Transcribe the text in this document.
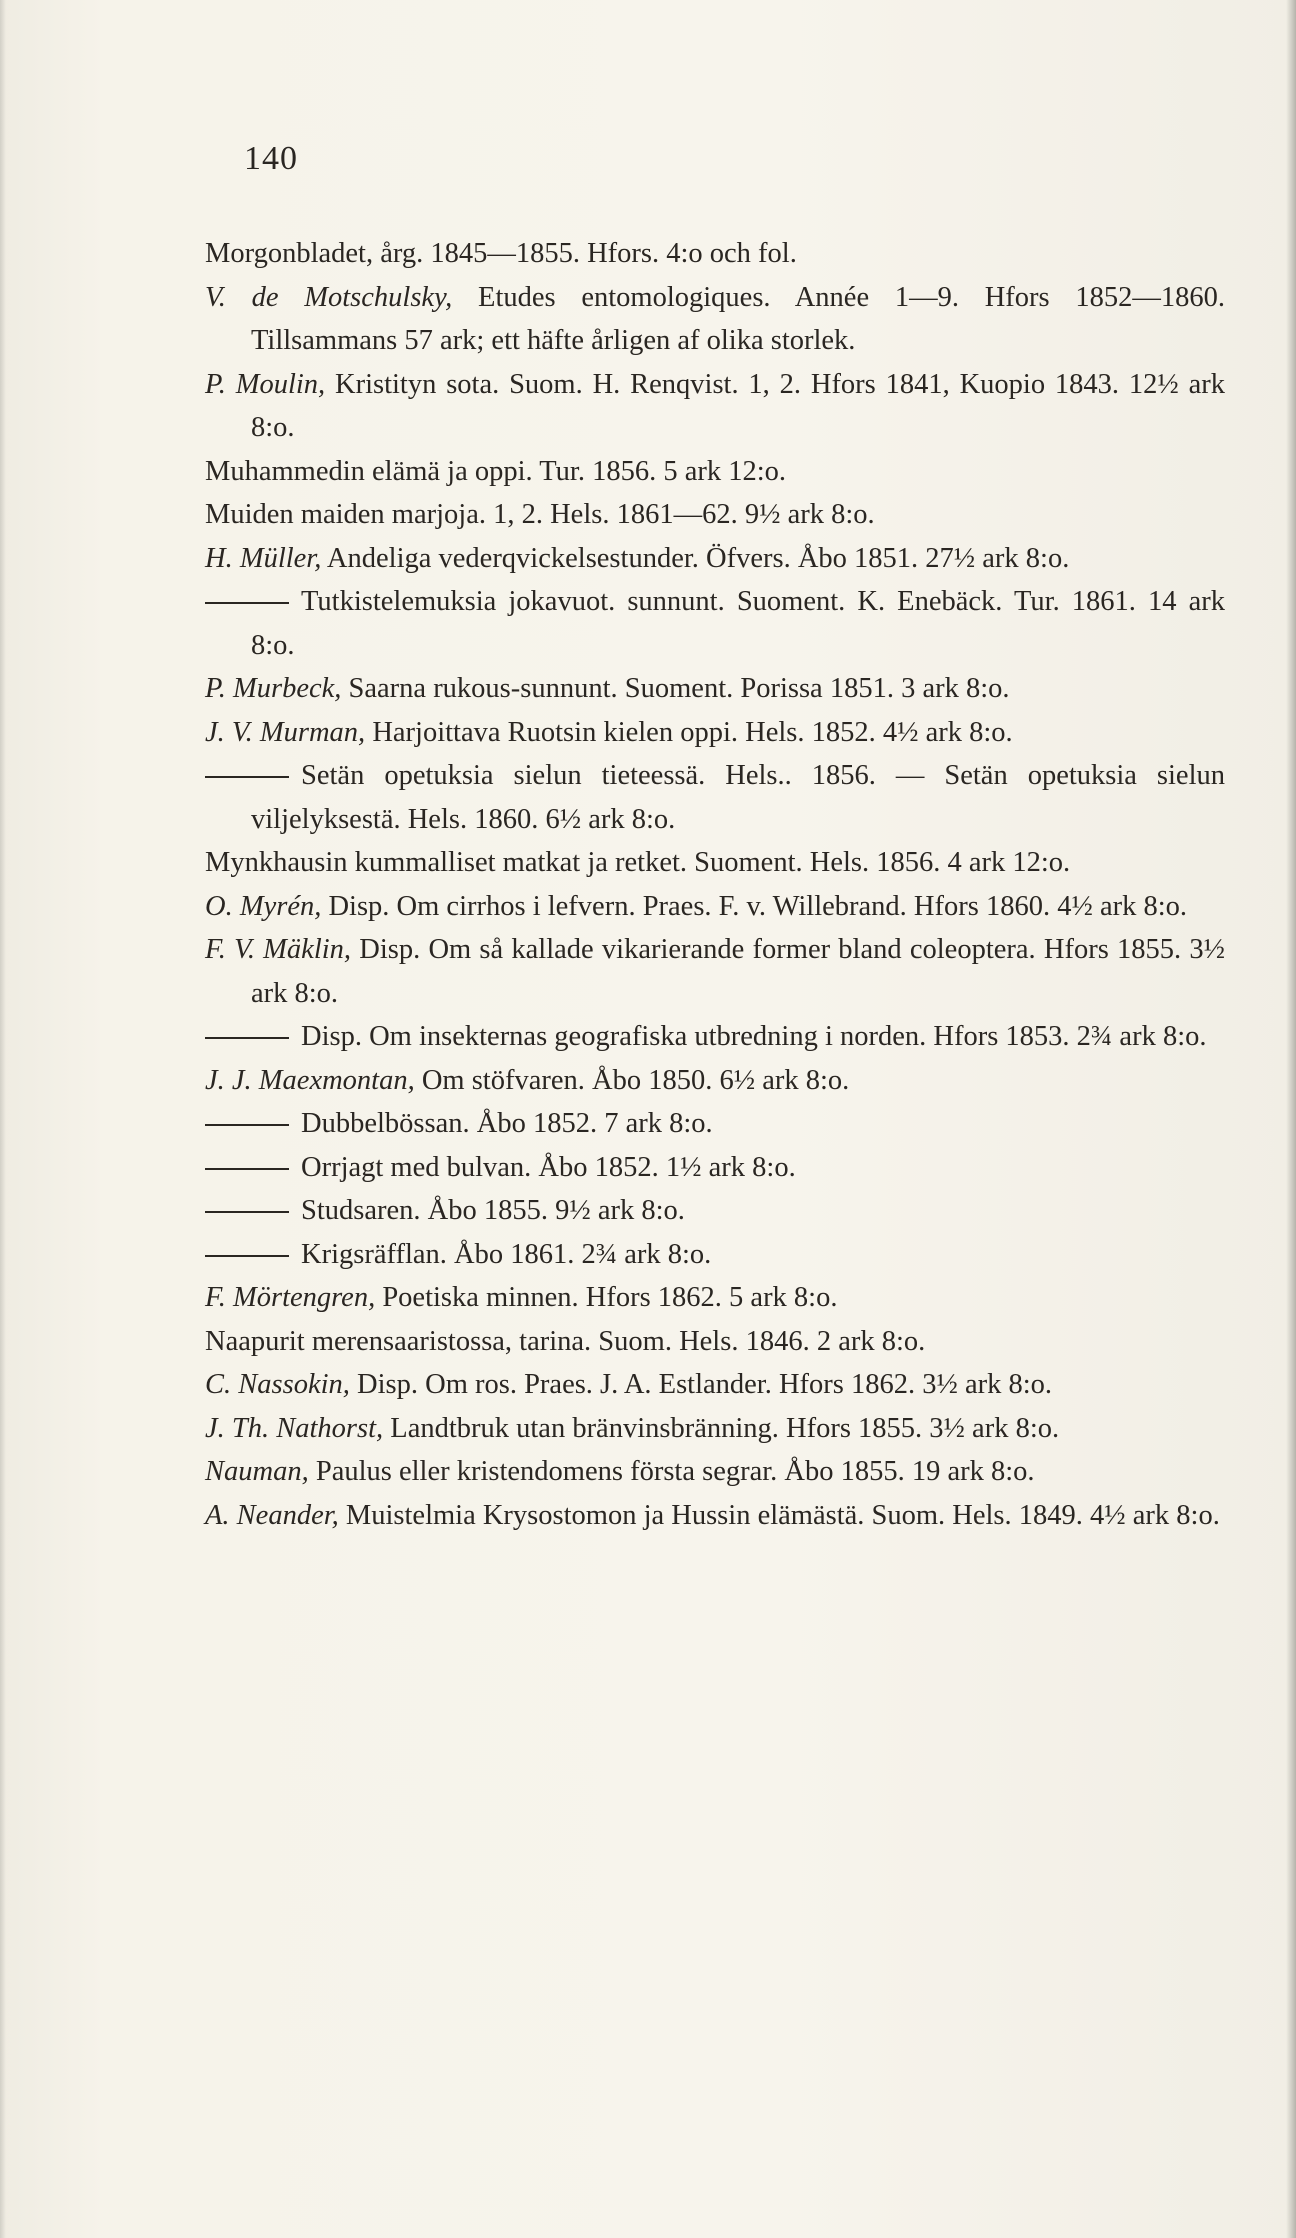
140
Morgonbladet, årg. 1845—1855. Hfors. 4:o och fol.
V. de Motschulsky, Etudes entomologiques. Année 1—9. Hfors 1852—1860. Tillsammans 57 ark; ett häfte årligen af olika storlek.
P. Moulin, Kristityn sota. Suom. H. Renqvist. 1, 2. Hfors 1841, Kuopio 1843. 12½ ark 8:o.
Muhammedin elämä ja oppi. Tur. 1856. 5 ark 12:o.
Muiden maiden marjoja. 1, 2. Hels. 1861—62. 9½ ark 8:o.
H. Müller, Andeliga vederqvickelsestunder. Öfvers. Åbo 1851. 27½ ark 8:o.
Tutkistelemuksia jokavuot. sunnunt. Suoment. K. Enebäck. Tur. 1861. 14 ark 8:o.
P. Murbeck, Saarna rukous-sunnunt. Suoment. Porissa 1851. 3 ark 8:o.
J. V. Murman, Harjoittava Ruotsin kielen oppi. Hels. 1852. 4½ ark 8:o.
Setän opetuksia sielun tieteessä. Hels.. 1856. — Setän opetuksia sielun viljelyksestä. Hels. 1860. 6½ ark 8:o.
Mynkhausin kummalliset matkat ja retket. Suoment. Hels. 1856. 4 ark 12:o.
O. Myrén, Disp. Om cirrhos i lefvern. Praes. F. v. Willebrand. Hfors 1860. 4½ ark 8:o.
F. V. Mäklin, Disp. Om så kallade vikarierande former bland coleoptera. Hfors 1855. 3½ ark 8:o.
Disp. Om insekternas geografiska utbredning i norden. Hfors 1853. 2¾ ark 8:o.
J. J. Maexmontan, Om stöfvaren. Åbo 1850. 6½ ark 8:o.
Dubbelbössan. Åbo 1852. 7 ark 8:o.
Orrjagt med bulvan. Åbo 1852. 1½ ark 8:o.
Studsaren. Åbo 1855. 9½ ark 8:o.
Krigsräfflan. Åbo 1861. 2¾ ark 8:o.
F. Mörtengren, Poetiska minnen. Hfors 1862. 5 ark 8:o.
Naapurit merensaaristossa, tarina. Suom. Hels. 1846. 2 ark 8:o.
C. Nassokin, Disp. Om ros. Praes. J. A. Estlander. Hfors 1862. 3½ ark 8:o.
J. Th. Nathorst, Landtbruk utan bränvinsbränning. Hfors 1855. 3½ ark 8:o.
Nauman, Paulus eller kristendomens första segrar. Åbo 1855. 19 ark 8:o.
A. Neander, Muistelmia Krysostomon ja Hussin elämästä. Suom. Hels. 1849. 4½ ark 8:o.
